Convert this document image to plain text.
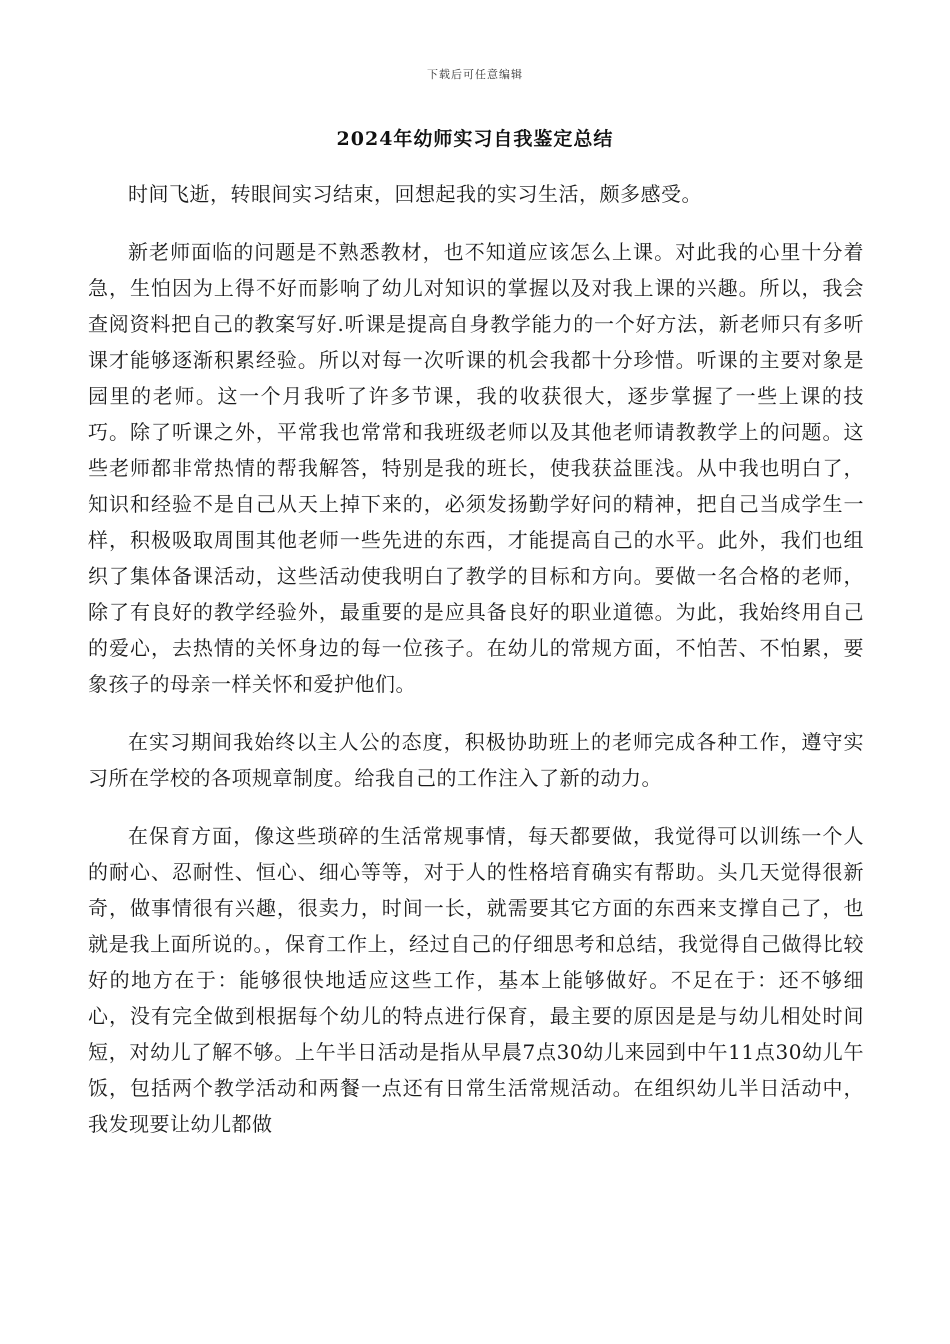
下载后可任意编辑
2024年幼师实习自我鉴定总结

时间飞逝，转眼间实习结束，回想起我的实习生活，颇多感受。

新老师面临的问题是不熟悉教材，也不知道应该怎么上课。对此我的心里十分着急，生怕因为上得不好而影响了幼儿对知识的掌握以及对我上课的兴趣。所以，我会查阅资料把自己的教案写好.听课是提高自身教学能力的一个好方法，新老师只有多听课才能够逐渐积累经验。所以对每一次听课的机会我都十分珍惜。听课的主要对象是园里的老师。这一个月我听了许多节课，我的收获很大，逐步掌握了一些上课的技巧。除了听课之外，平常我也常常和我班级老师以及其他老师请教教学上的问题。这些老师都非常热情的帮我解答，特别是我的班长，使我获益匪浅。从中我也明白了，知识和经验不是自己从天上掉下来的，必须发扬勤学好问的精神，把自己当成学生一样，积极吸取周围其他老师一些先进的东西，才能提高自己的水平。此外，我们也组织了集体备课活动，这些活动使我明白了教学的目标和方向。要做一名合格的老师，除了有良好的教学经验外，最重要的是应具备良好的职业道德。为此，我始终用自己的爱心，去热情的关怀身边的每一位孩子。在幼儿的常规方面，不怕苦、不怕累，要象孩子的母亲一样关怀和爱护他们。

在实习期间我始终以主人公的态度，积极协助班上的老师完成各种工作，遵守实习所在学校的各项规章制度。给我自己的工作注入了新的动力。

在保育方面，像这些琐碎的生活常规事情，每天都要做，我觉得可以训练一个人的耐心、忍耐性、恒心、细心等等，对于人的性格培育确实有帮助。头几天觉得很新奇，做事情很有兴趣，很卖力，时间一长，就需要其它方面的东西来支撑自己了，也就是我上面所说的。，保育工作上，经过自己的仔细思考和总结，我觉得自己做得比较好的地方在于：能够很快地适应这些工作，基本上能够做好。不足在于：还不够细心，没有完全做到根据每个幼儿的特点进行保育，最主要的原因是是与幼儿相处时间短，对幼儿了解不够。上午半日活动是指从早晨7点30幼儿来园到中午11点30幼儿午饭，包括两个教学活动和两餐一点还有日常生活常规活动。在组织幼儿半日活动中，我发现要让幼儿都做
